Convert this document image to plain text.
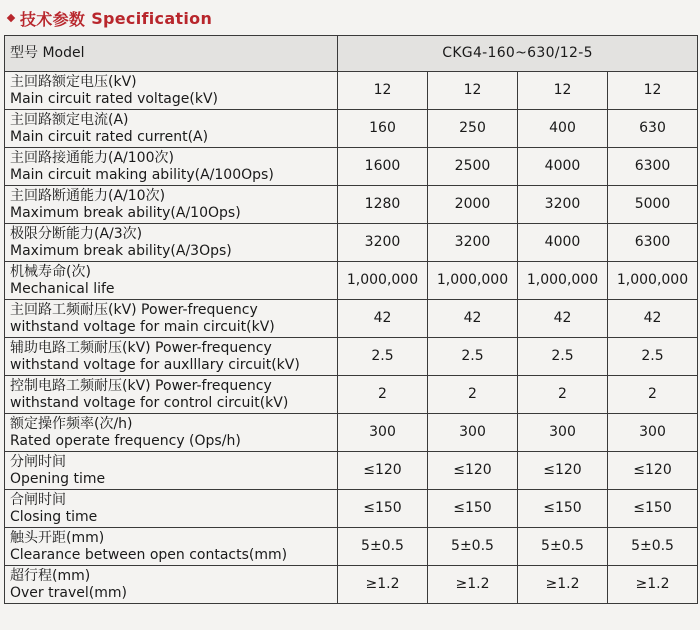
技术参数 Specification
型号 Model	CKG4-160~630/12-5			

主回路额定电压(kV)
Main circuit rated voltage(kV)	12	12	12	12

主回路额定电流(A)
Main circuit rated current(A)	160	250	400	630

主回路接通能力(A/100次)
Main circuit making ability(A/100Ops)	1600	2500	4000	6300

主回路断通能力(A/10次)
Maximum break ability(A/10Ops)	1280	2000	3200	5000

极限分断能力(A/3次)
Maximum break ability(A/3Ops)	3200	3200	4000	6300

机械寿命(次)
Mechanical life	1,000,000	1,000,000	1,000,000	1,000,000

主回路工频耐压(kV) Power-frequency
withstand voltage for main circuit(kV)	42	42	42	42

辅助电路工频耐压(kV) Power-frequency
withstand voltage for auxlllary circuit(kV)	2.5	2.5	2.5	2.5

控制电路工频耐压(kV) Power-frequency
withstand voltage for control circuit(kV)	2	2	2	2

额定操作频率(次/h)
Rated operate frequency (Ops/h)	300	300	300	300

分闸时间
Opening time	≤120	≤120	≤120	≤120

合闸时间
Closing time	≤150	≤150	≤150	≤150

触头开距(mm)
Clearance between open contacts(mm)	5±0.5	5±0.5	5±0.5	5±0.5

超行程(mm)
Over travel(mm)	≥1.2	≥1.2	≥1.2	≥1.2
